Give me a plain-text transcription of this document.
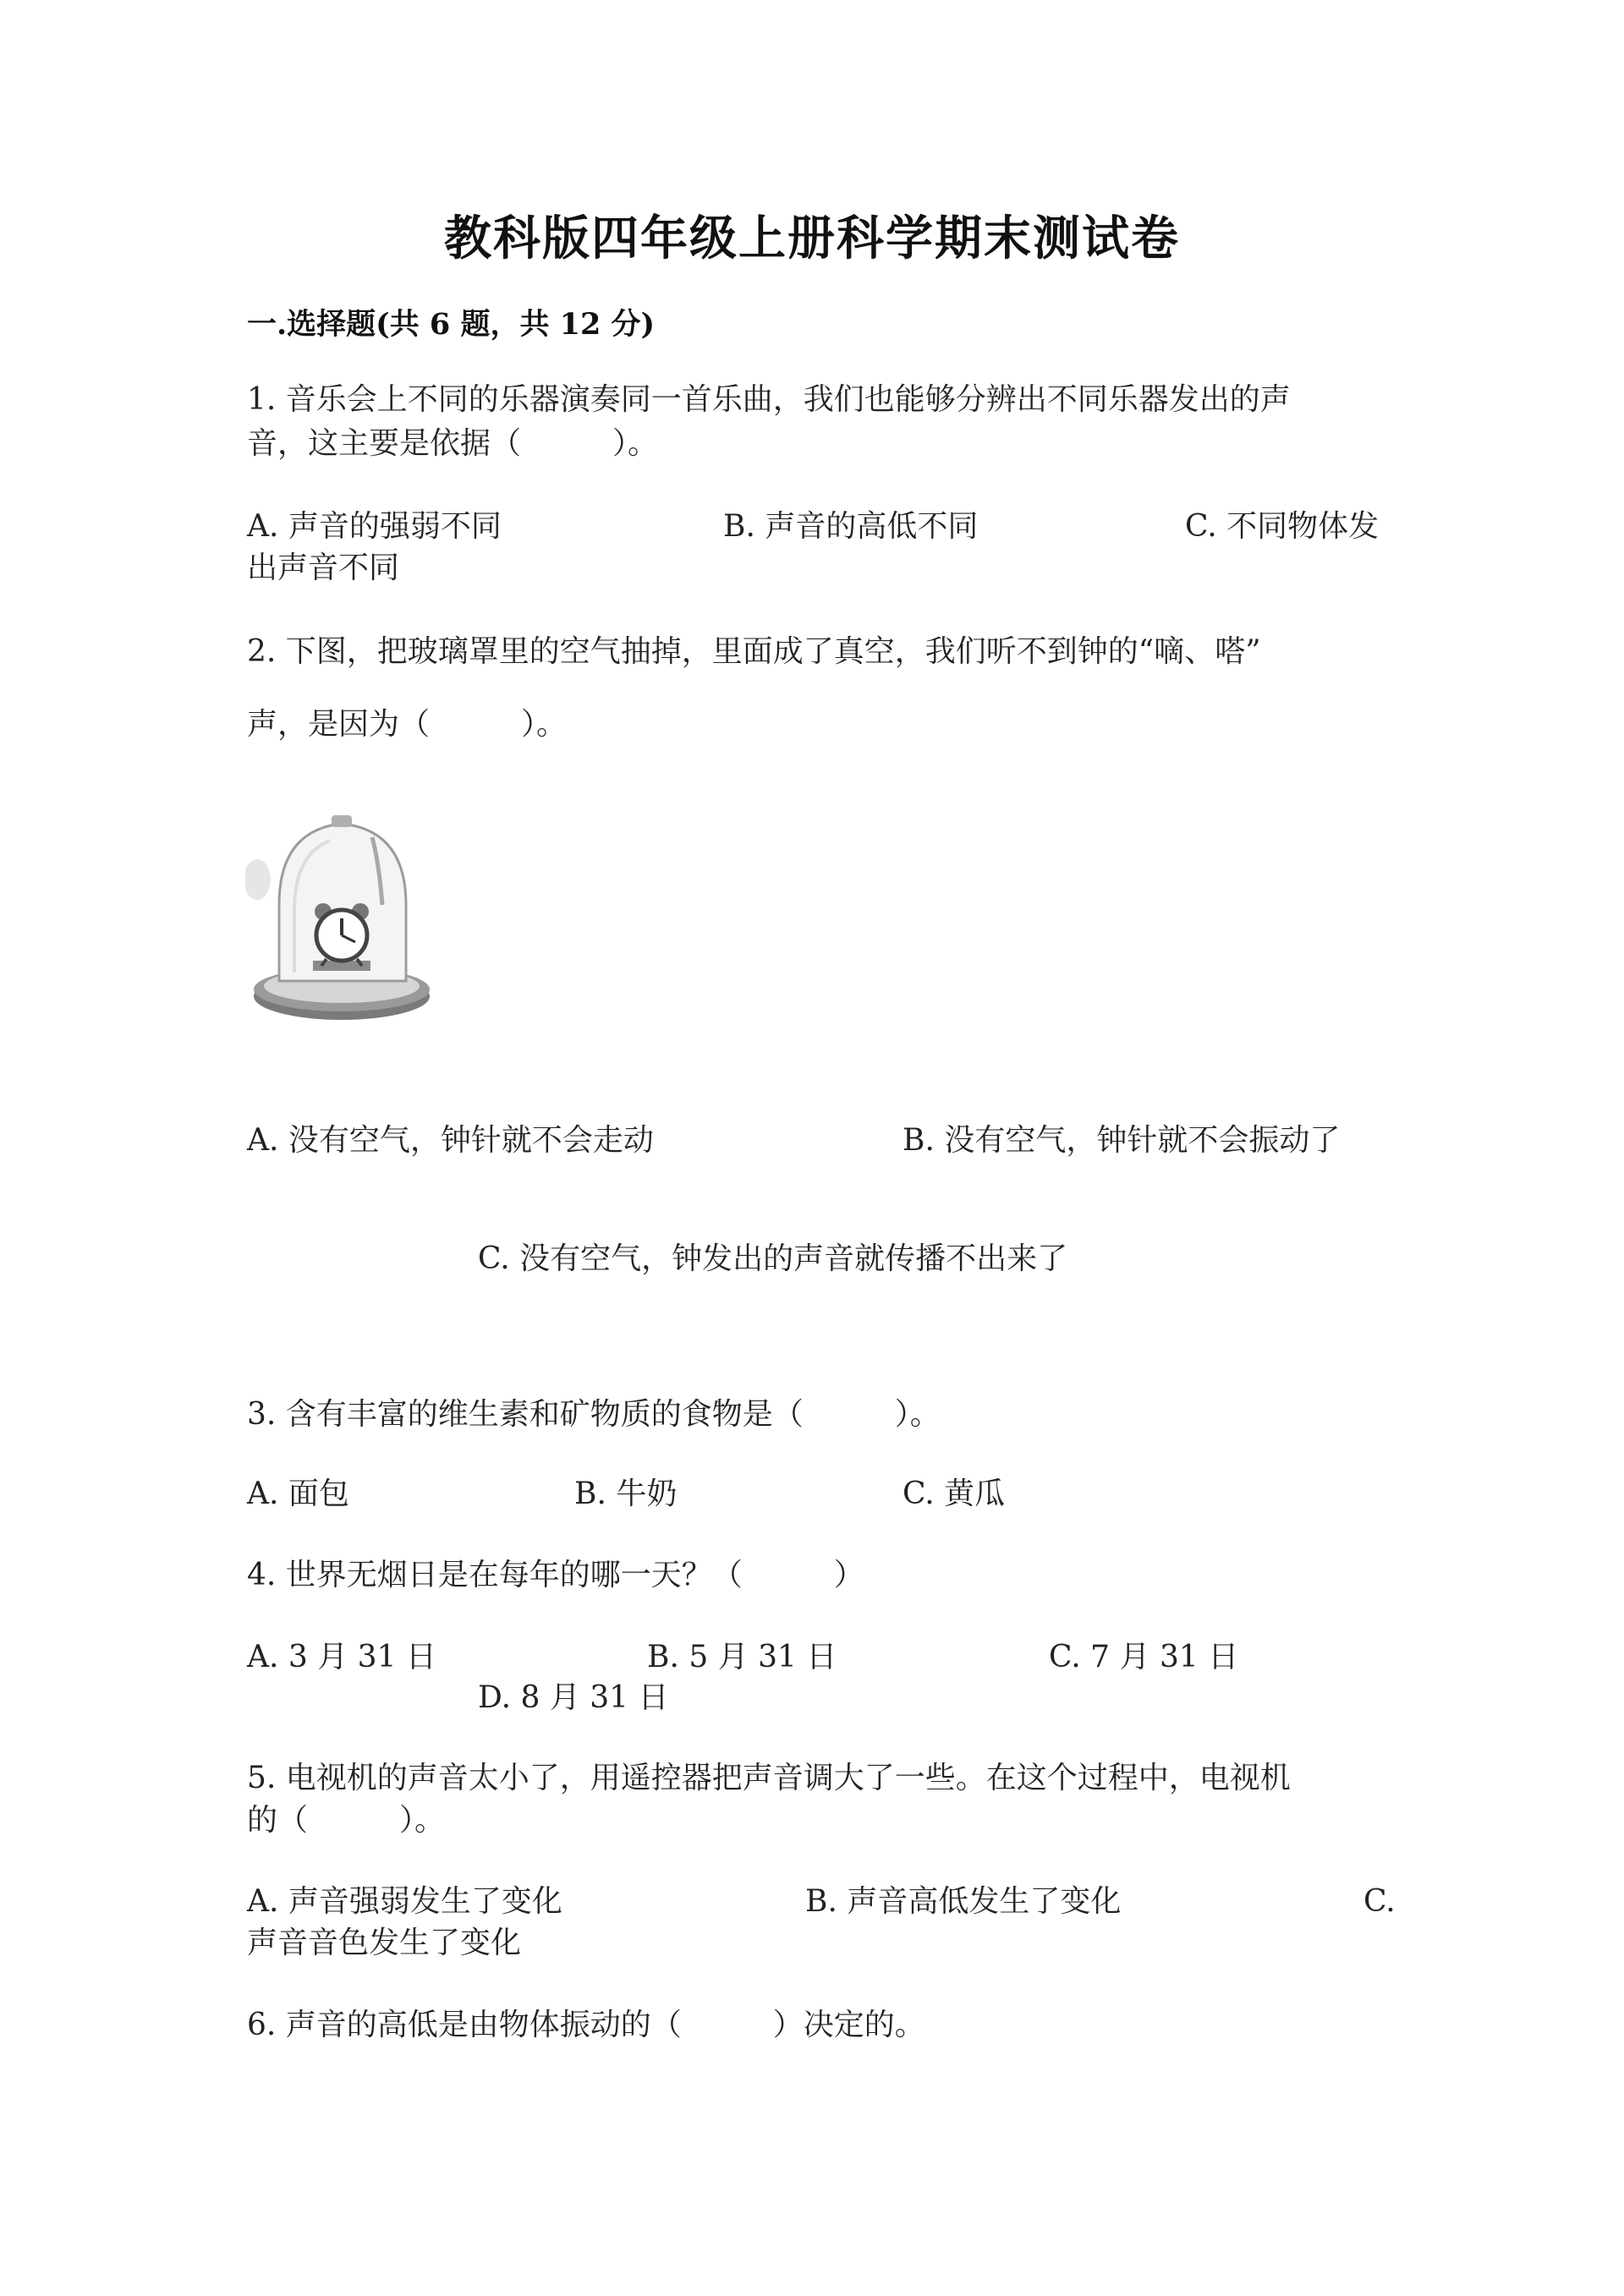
教科版四年级上册科学期末测试卷
一.选择题(共 6 题，共 12 分)
1. 音乐会上不同的乐器演奏同一首乐曲，我们也能够分辨出不同乐器发出的声
音，这主要是依据（　　　）。
A. 声音的强弱不同	B. 声音的高低不同	C. 不同物体发
出声音不同
2. 下图，把玻璃罩里的空气抽掉，里面成了真空，我们听不到钟的“嘀、嗒”
声，是因为（　　　）。
A. 没有空气，钟针就不会走动	B. 没有空气，钟针就不会振动了
C. 没有空气，钟发出的声音就传播不出来了
3. 含有丰富的维生素和矿物质的食物是（　　　）。
A. 面包	B. 牛奶	C. 黄瓜
4. 世界无烟日是在每年的哪一天？（　　　）
A. 3 月 31 日	B. 5 月 31 日	C. 7 月 31 日
D. 8 月 31 日
5. 电视机的声音太小了，用遥控器把声音调大了一些。在这个过程中，电视机
的（　　　）。
A. 声音强弱发生了变化	B. 声音高低发生了变化	C.
声音音色发生了变化
6. 声音的高低是由物体振动的（　　　）决定的。
